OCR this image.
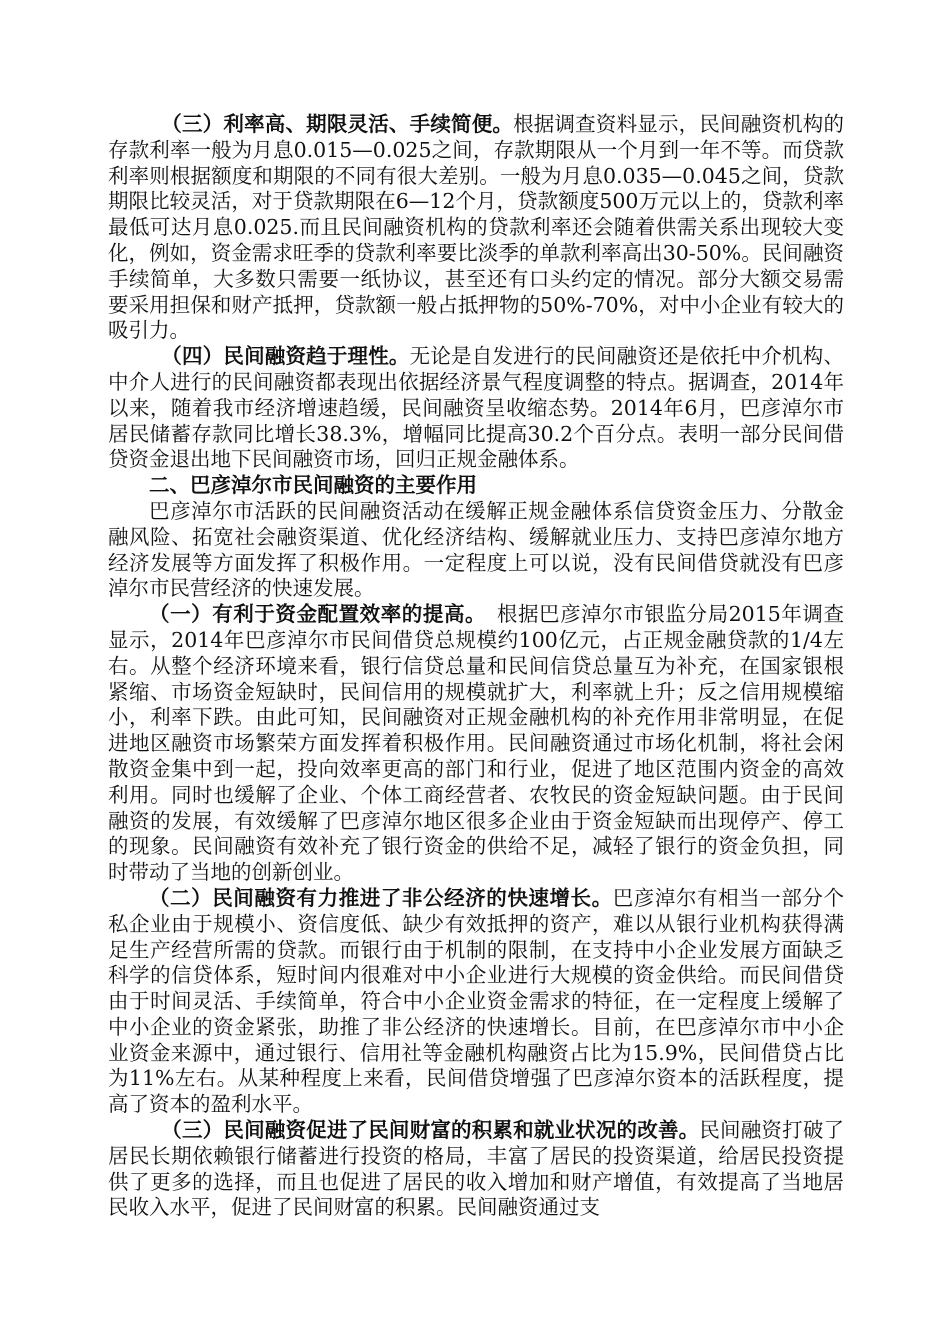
（三）利率高、期限灵活、手续简便。根据调查资料显示，民间融资机构的存款利率一般为月息0.015—0.025之间，存款期限从一个月到一年不等。而贷款利率则根据额度和期限的不同有很大差别。一般为月息0.035—0.045之间，贷款期限比较灵活，对于贷款期限在6—12个月，贷款额度500万元以上的，贷款利率最低可达月息0.025.而且民间融资机构的贷款利率还会随着供需关系出现较大变化，例如，资金需求旺季的贷款利率要比淡季的单款利率高出30-50%。民间融资手续简单，大多数只需要一纸协议，甚至还有口头约定的情况。部分大额交易需要采用担保和财产抵押，贷款额一般占抵押物的50%-70%，对中小企业有较大的吸引力。

（四）民间融资趋于理性。无论是自发进行的民间融资还是依托中介机构、中介人进行的民间融资都表现出依据经济景气程度调整的特点。据调查，2014年以来，随着我市经济增速趋缓，民间融资呈收缩态势。2014年6月，巴彦淖尔市居民储蓄存款同比增长38.3%，增幅同比提高30.2个百分点。表明一部分民间借贷资金退出地下民间融资市场，回归正规金融体系。

二、巴彦淖尔市民间融资的主要作用

巴彦淖尔市活跃的民间融资活动在缓解正规金融体系信贷资金压力、分散金融风险、拓宽社会融资渠道、优化经济结构、缓解就业压力、支持巴彦淖尔地方经济发展等方面发挥了积极作用。一定程度上可以说，没有民间借贷就没有巴彦淖尔市民营经济的快速发展。

（一）有利于资金配置效率的提高。　根据巴彦淖尔市银监分局2015年调查显示，2014年巴彦淖尔市民间借贷总规模约100亿元，占正规金融贷款的1/4左右。从整个经济环境来看，银行信贷总量和民间信贷总量互为补充，在国家银根紧缩、市场资金短缺时，民间信用的规模就扩大，利率就上升；反之信用规模缩小，利率下跌。由此可知，民间融资对正规金融机构的补充作用非常明显，在促进地区融资市场繁荣方面发挥着积极作用。民间融资通过市场化机制，将社会闲散资金集中到一起，投向效率更高的部门和行业，促进了地区范围内资金的高效利用。同时也缓解了企业、个体工商经营者、农牧民的资金短缺问题。由于民间融资的发展，有效缓解了巴彦淖尔地区很多企业由于资金短缺而出现停产、停工的现象。民间融资有效补充了银行资金的供给不足，减轻了银行的资金负担，同时带动了当地的创新创业。

（二）民间融资有力推进了非公经济的快速增长。巴彦淖尔有相当一部分个私企业由于规模小、资信度低、缺少有效抵押的资产，难以从银行业机构获得满足生产经营所需的贷款。而银行由于机制的限制，在支持中小企业发展方面缺乏科学的信贷体系，短时间内很难对中小企业进行大规模的资金供给。而民间借贷由于时间灵活、手续简单，符合中小企业资金需求的特征，在一定程度上缓解了中小企业的资金紧张，助推了非公经济的快速增长。目前，在巴彦淖尔市中小企业资金来源中，通过银行、信用社等金融机构融资占比为15.9%，民间借贷占比为11%左右。从某种程度上来看，民间借贷增强了巴彦淖尔资本的活跃程度，提高了资本的盈利水平。

（三）民间融资促进了民间财富的积累和就业状况的改善。民间融资打破了居民长期依赖银行储蓄进行投资的格局，丰富了居民的投资渠道，给居民投资提供了更多的选择，而且也促进了居民的收入增加和财产增值，有效提高了当地居民收入水平，促进了民间财富的积累。民间融资通过支
